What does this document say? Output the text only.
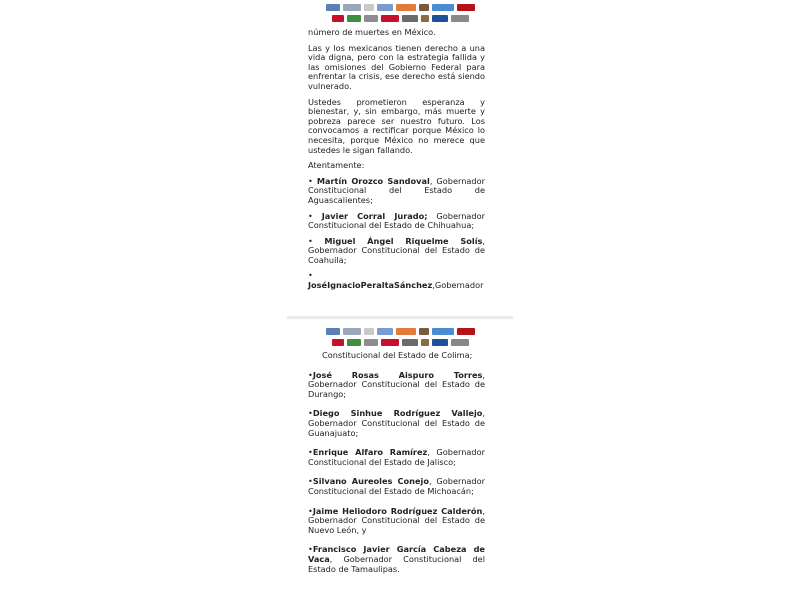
número de muertes en México.

Las y los mexicanos tienen derecho a una vida digna, pero con la estrategia fallida y las omisiones del Gobierno Federal para enfrentar la crisis, ese derecho está siendo vulnerado.

Ustedes prometieron esperanza y bienestar, y, sin embargo, más muerte y pobreza parece ser nuestro futuro. Los convocamos a rectificar porque México lo necesita, porque México no merece que ustedes le sigan fallando.

Atentamente:

• Martín Orozco Sandoval, Gobernador Constitucional del Estado de Aguascalientes;
• Javier Corral Jurado; Gobernador Constitucional del Estado de Chihuahua;
• Miguel Ángel Riquelme Solís, Gobernador Constitucional del Estado de Coahuila;
• JoséIgnacioPeraltaSánchez,Gobernador
Constitucional del Estado de Colima;
•José Rosas Aispuro Torres, Gobernador Constitucional del Estado de Durango;
•Diego Sinhue Rodríguez Vallejo, Gobernador Constitucional del Estado de Guanajuato;
•Enrique Alfaro Ramírez, Gobernador Constitucional del Estado de Jalisco;
•Silvano Aureoles Conejo, Gobernador Constitucional del Estado de Michoacán;
•Jaime Heliodoro Rodríguez Calderón, Gobernador Constitucional del Estado de Nuevo León, y
•Francisco Javier García Cabeza de Vaca, Gobernador Constitucional del Estado de Tamaulipas.
